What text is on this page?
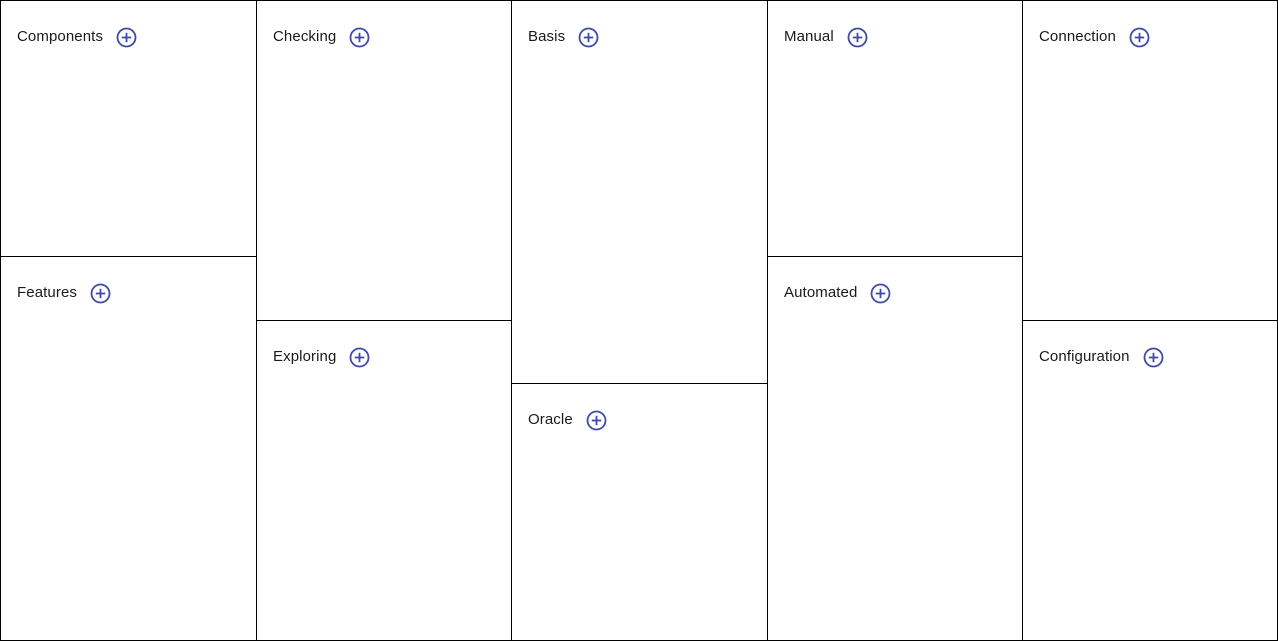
Components
Features
Checking
Exploring
Basis
Oracle
Manual
Automated
Connection
Configuration
